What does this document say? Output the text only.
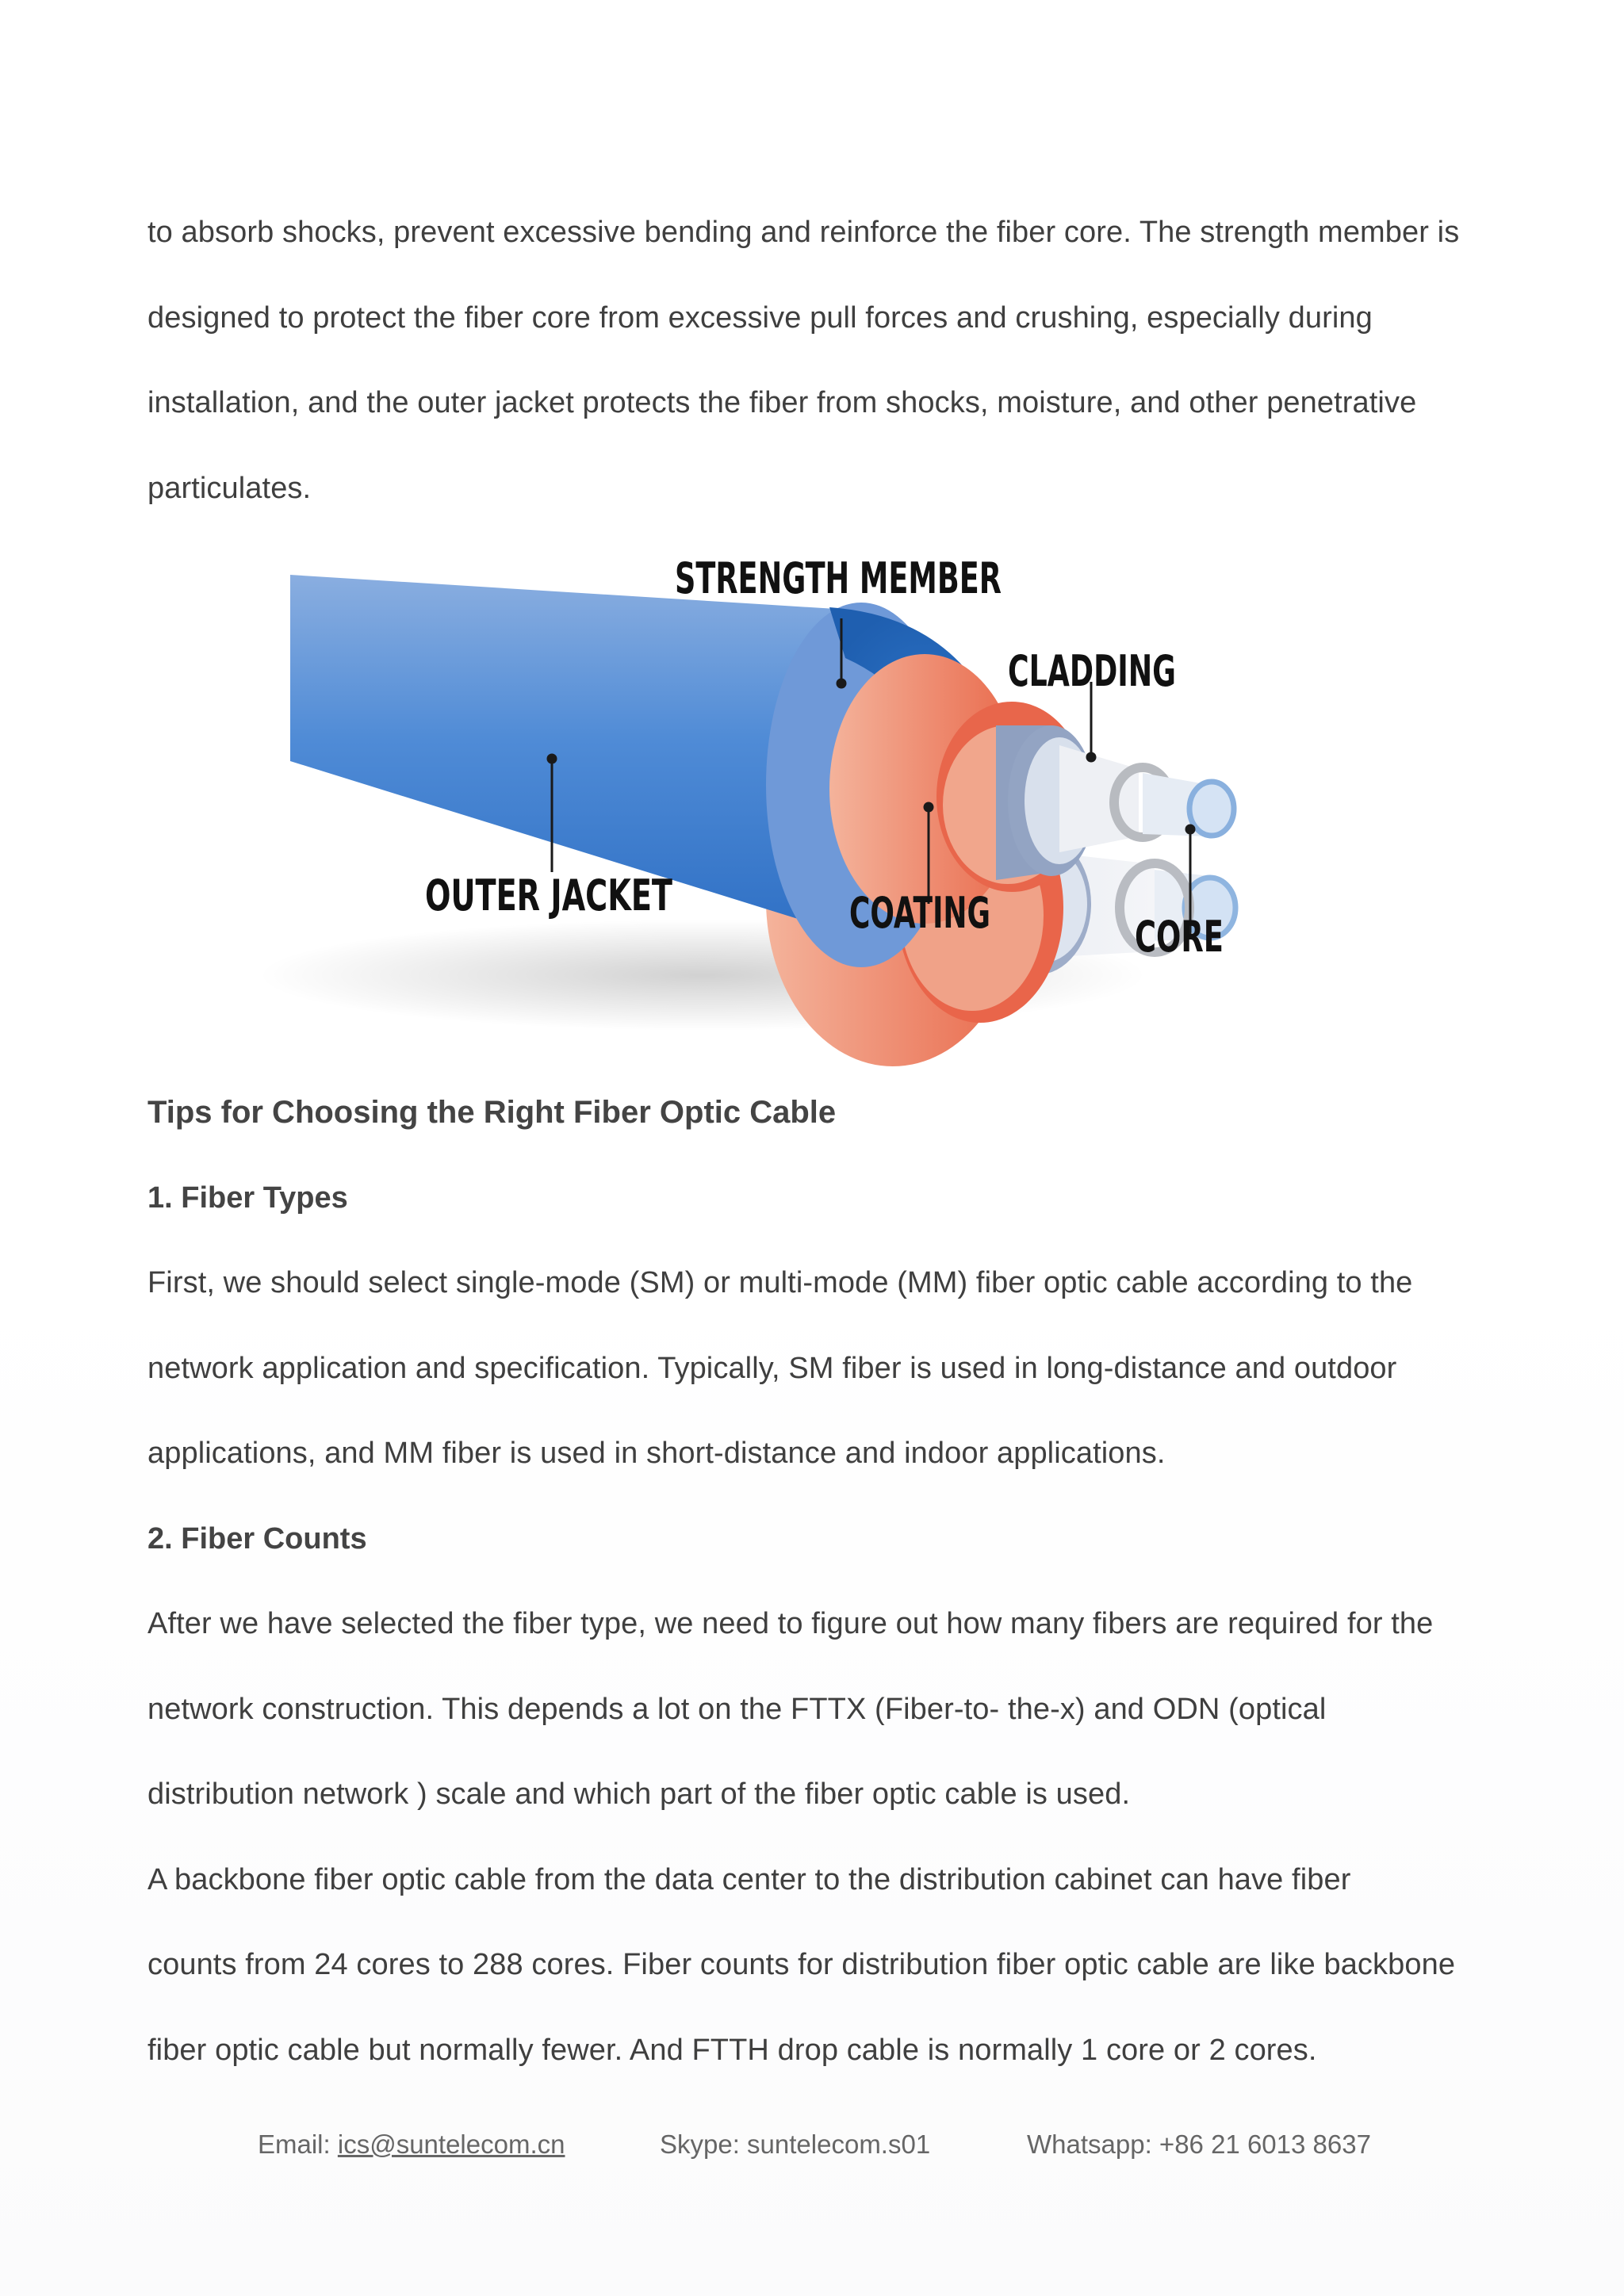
to absorb shocks, prevent excessive bending and reinforce the fiber core. The strength member is

designed to protect the fiber core from excessive pull forces and crushing, especially during

installation, and the outer jacket protects the fiber from shocks, moisture, and other penetrative

particulates.

STRENGTH MEMBER
CLADDING
OUTER JACKET	COATING	CORE
Tips for Choosing the Right Fiber Optic Cable
1. Fiber Types

First, we should select single-mode (SM) or multi-mode (MM) fiber optic cable according to the

network application and specification. Typically, SM fiber is used in long-distance and outdoor

applications, and MM fiber is used in short-distance and indoor applications.

2. Fiber Counts

After we have selected the fiber type, we need to figure out how many fibers are required for the

network construction. This depends a lot on the FTTX (Fiber-to- the-x) and ODN (optical

distribution network ) scale and which part of the fiber optic cable is used.

A backbone fiber optic cable from the data center to the distribution cabinet can have fiber

counts from 24 cores to 288 cores. Fiber counts for distribution fiber optic cable are like backbone

fiber optic cable but normally fewer. And FTTH drop cable is normally 1 core or 2 cores.

Email: ics@suntelecom.cn	Skype: suntelecom.s01	Whatsapp: +86 21 6013 8637
